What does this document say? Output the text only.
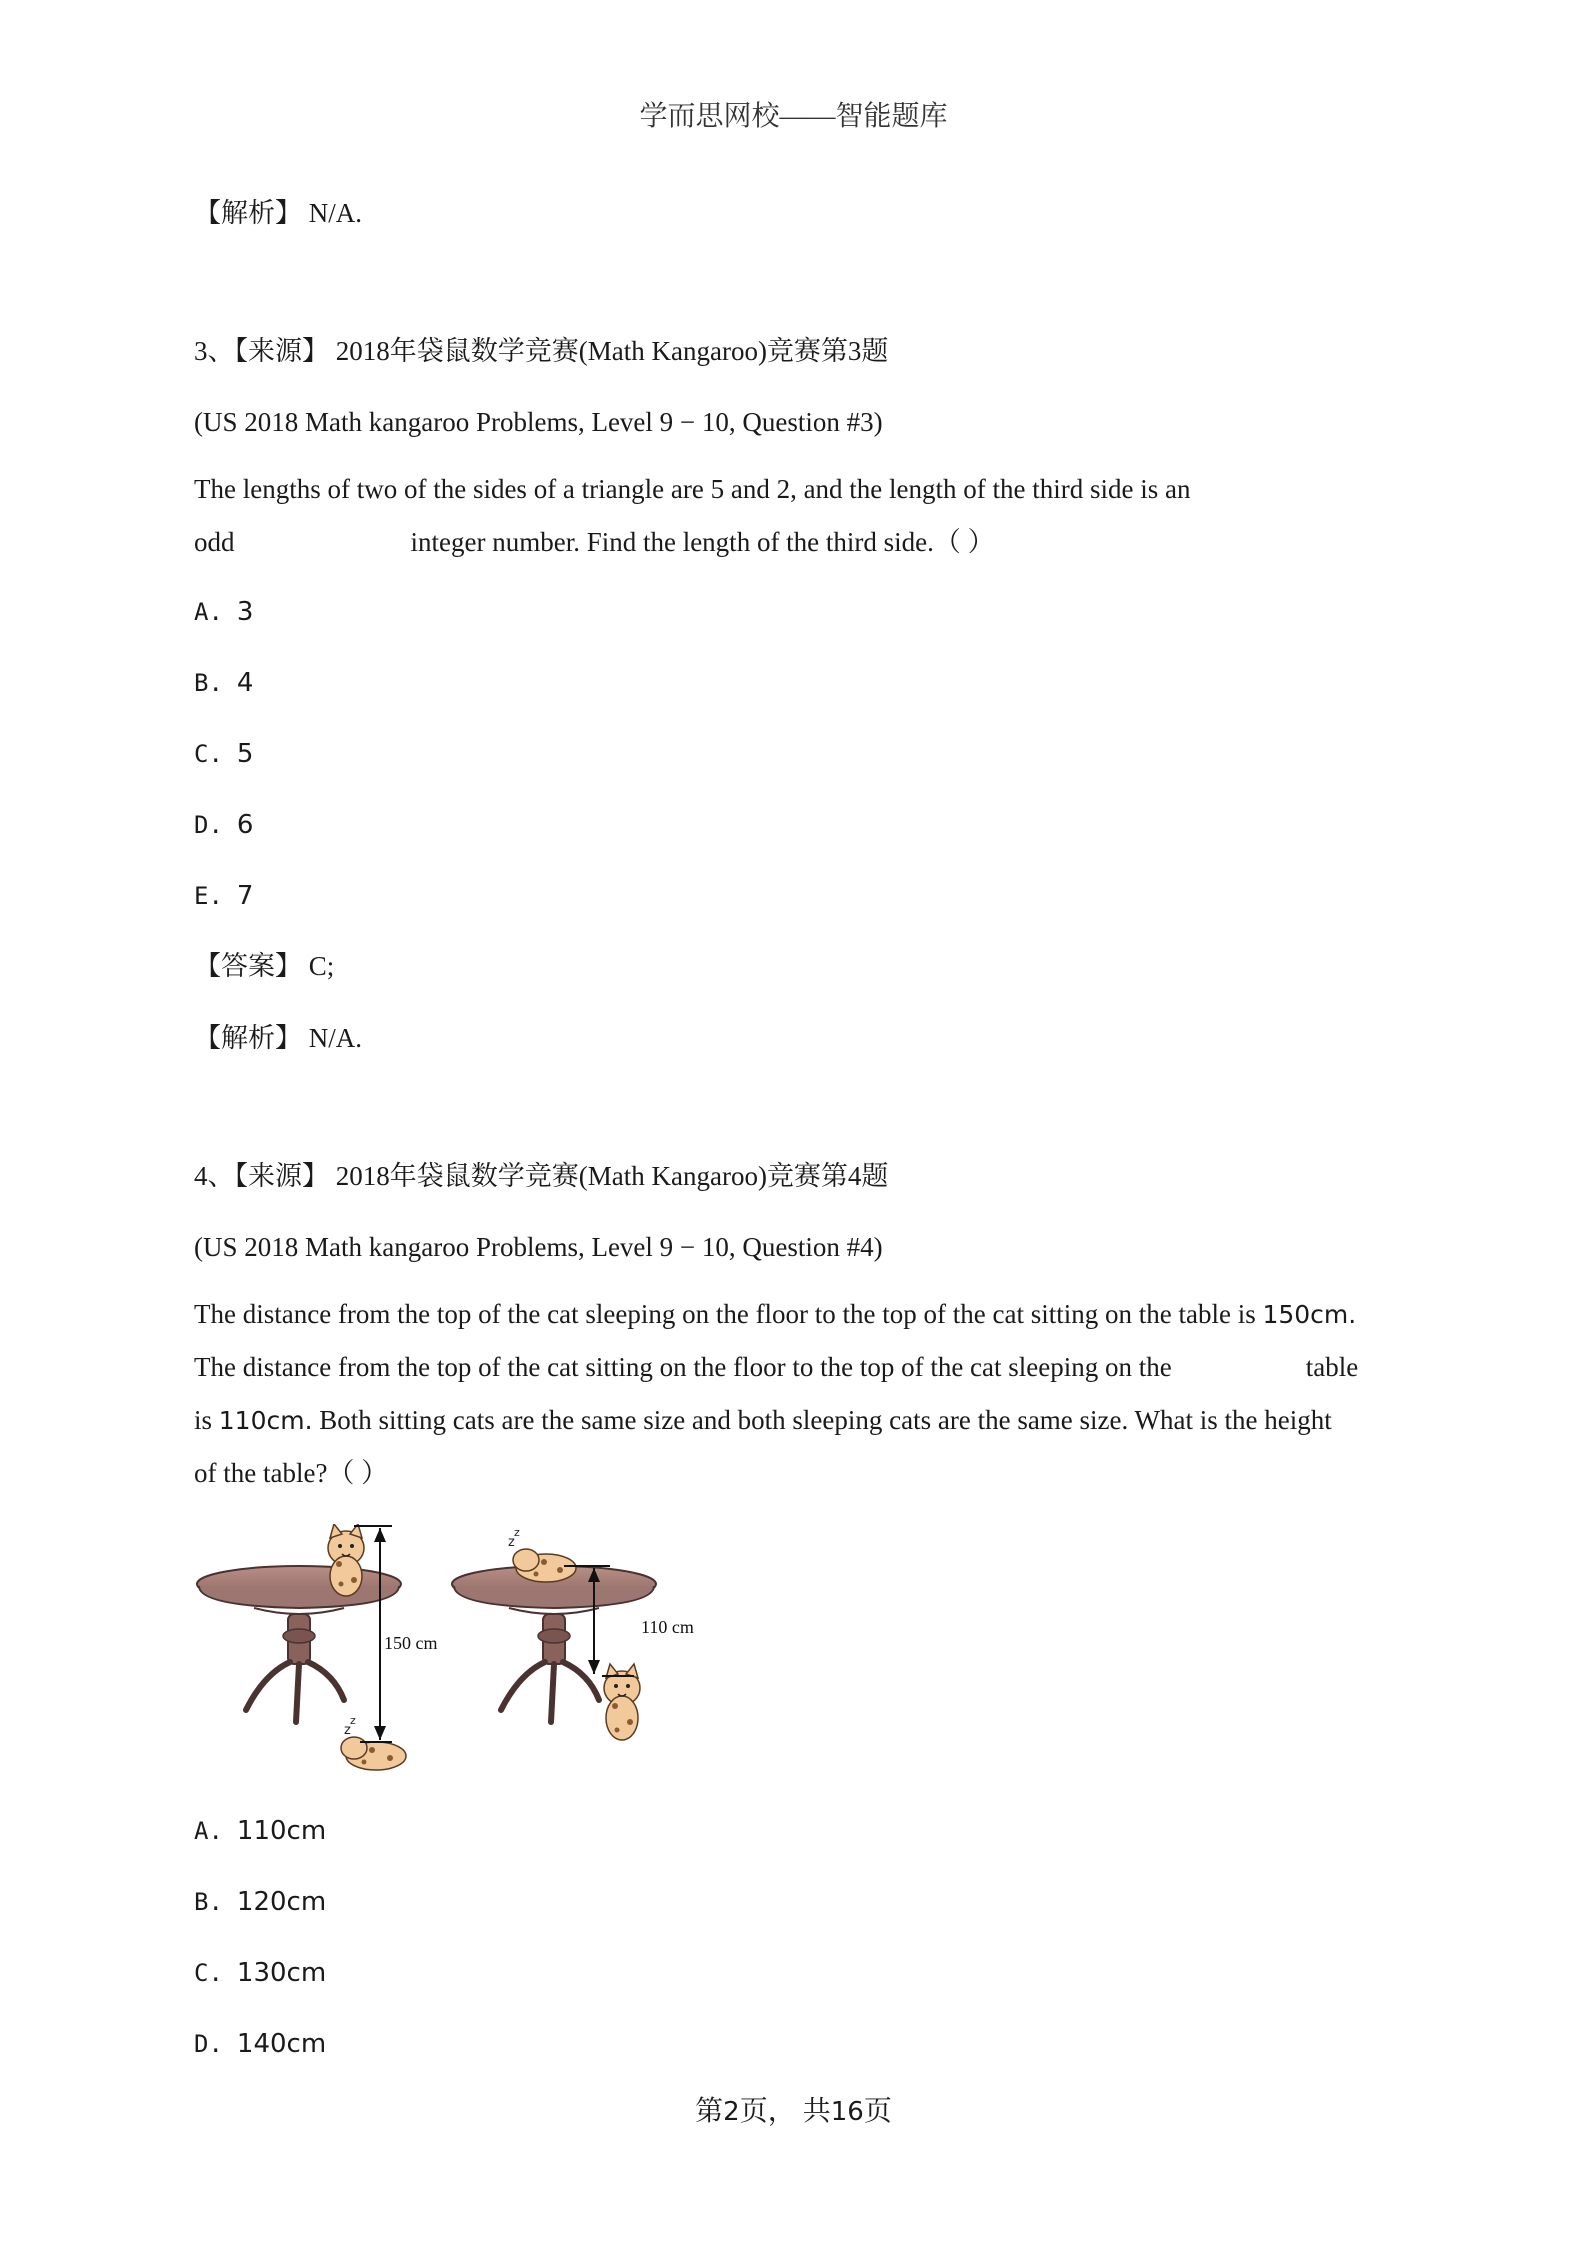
学而思网校——智能题库
【解析】 N/A.
3、【来源】 2018年袋鼠数学竞赛(Math Kangaroo)竞赛第3题
(US 2018 Math kangaroo Problems, Level 9 − 10, Question #3)
The lengths of two of the sides of a triangle are 5 and 2, and the length of the third side is an
odd	integer number. Find the length of the third side.（ ）
A. 3
B. 4
C. 5
D. 6
E. 7
【答案】 C;
【解析】 N/A.
4、【来源】 2018年袋鼠数学竞赛(Math Kangaroo)竞赛第4题
(US 2018 Math kangaroo Problems, Level 9 − 10, Question #4)
The distance from the top of the cat sleeping on the floor to the top of the cat sitting on the table is 150cm.
The distance from the top of the cat sitting on the floor to the top of the cat sleeping on the	table
is 110cm. Both sitting cats are the same size and both sleeping cats are the same size. What is the height
of the table?（ ）
z
z
150 cm
z
z
110 cm
A. 110cm
B. 120cm
C. 130cm
D. 140cm
第2页， 共16页
